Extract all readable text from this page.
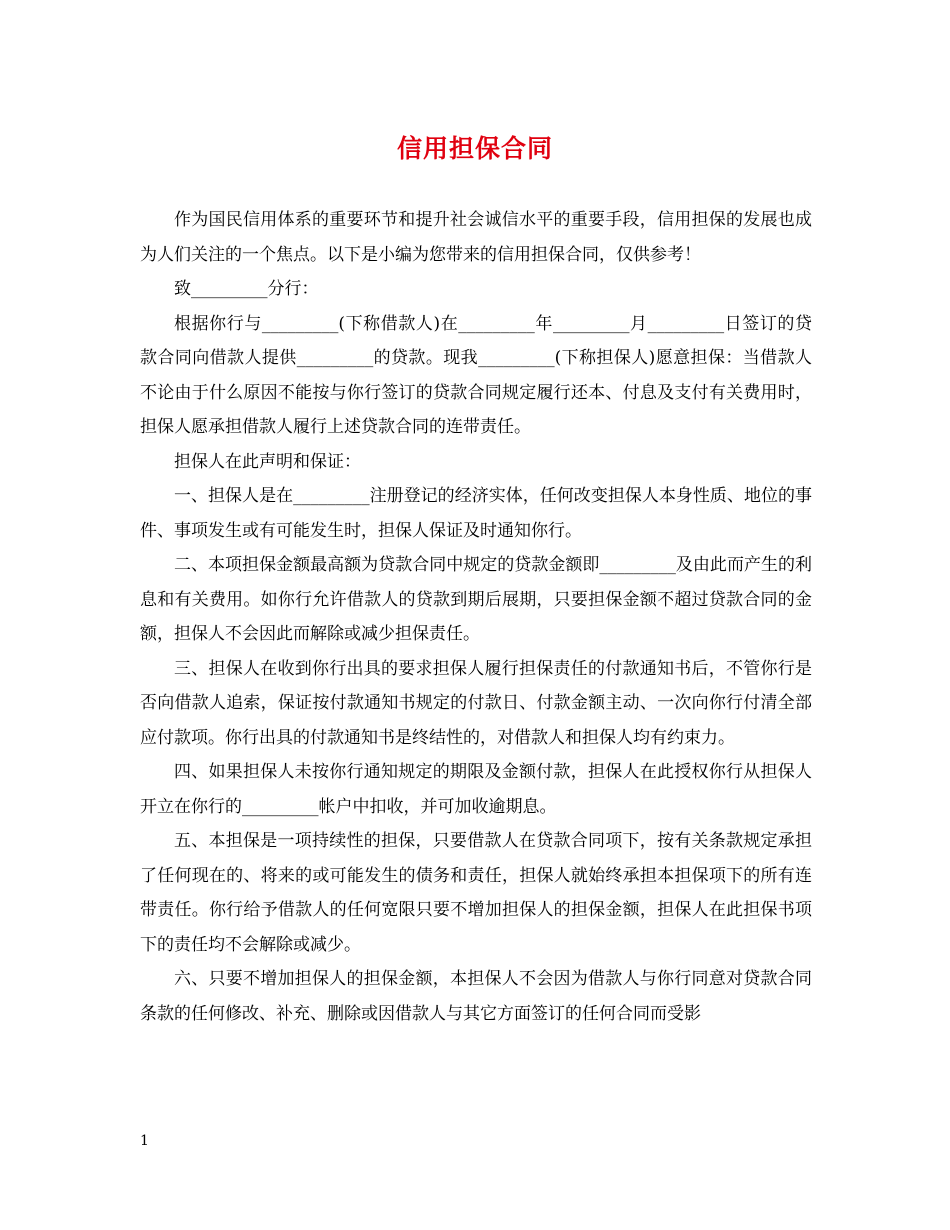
信用担保合同

作为国民信用体系的重要环节和提升社会诚信水平的重要手段，信用担保的发展也成为人们关注的一个焦点。以下是小编为您带来的信用担保合同，仅供参考！

致_________分行：

根据你行与_________(下称借款人)在_________年_________月_________日签订的贷款合同向借款人提供_________的贷款。现我_________(下称担保人)愿意担保：当借款人不论由于什么原因不能按与你行签订的贷款合同规定履行还本、付息及支付有关费用时，担保人愿承担借款人履行上述贷款合同的连带责任。

担保人在此声明和保证：

一、担保人是在_________注册登记的经济实体，任何改变担保人本身性质、地位的事件、事项发生或有可能发生时，担保人保证及时通知你行。

二、本项担保金额最高额为贷款合同中规定的贷款金额即_________及由此而产生的利息和有关费用。如你行允许借款人的贷款到期后展期，只要担保金额不超过贷款合同的金额，担保人不会因此而解除或减少担保责任。

三、担保人在收到你行出具的要求担保人履行担保责任的付款通知书后，不管你行是否向借款人追索，保证按付款通知书规定的付款日、付款金额主动、一次向你行付清全部应付款项。你行出具的付款通知书是终结性的，对借款人和担保人均有约束力。

四、如果担保人未按你行通知规定的期限及金额付款，担保人在此授权你行从担保人开立在你行的_________帐户中扣收，并可加收逾期息。

五、本担保是一项持续性的担保，只要借款人在贷款合同项下，按有关条款规定承担了任何现在的、将来的或可能发生的债务和责任，担保人就始终承担本担保项下的所有连带责任。你行给予借款人的任何宽限只要不增加担保人的担保金额，担保人在此担保书项下的责任均不会解除或减少。

六、只要不增加担保人的担保金额，本担保人不会因为借款人与你行同意对贷款合同条款的任何修改、补充、删除或因借款人与其它方面签订的任何合同而受影

1
